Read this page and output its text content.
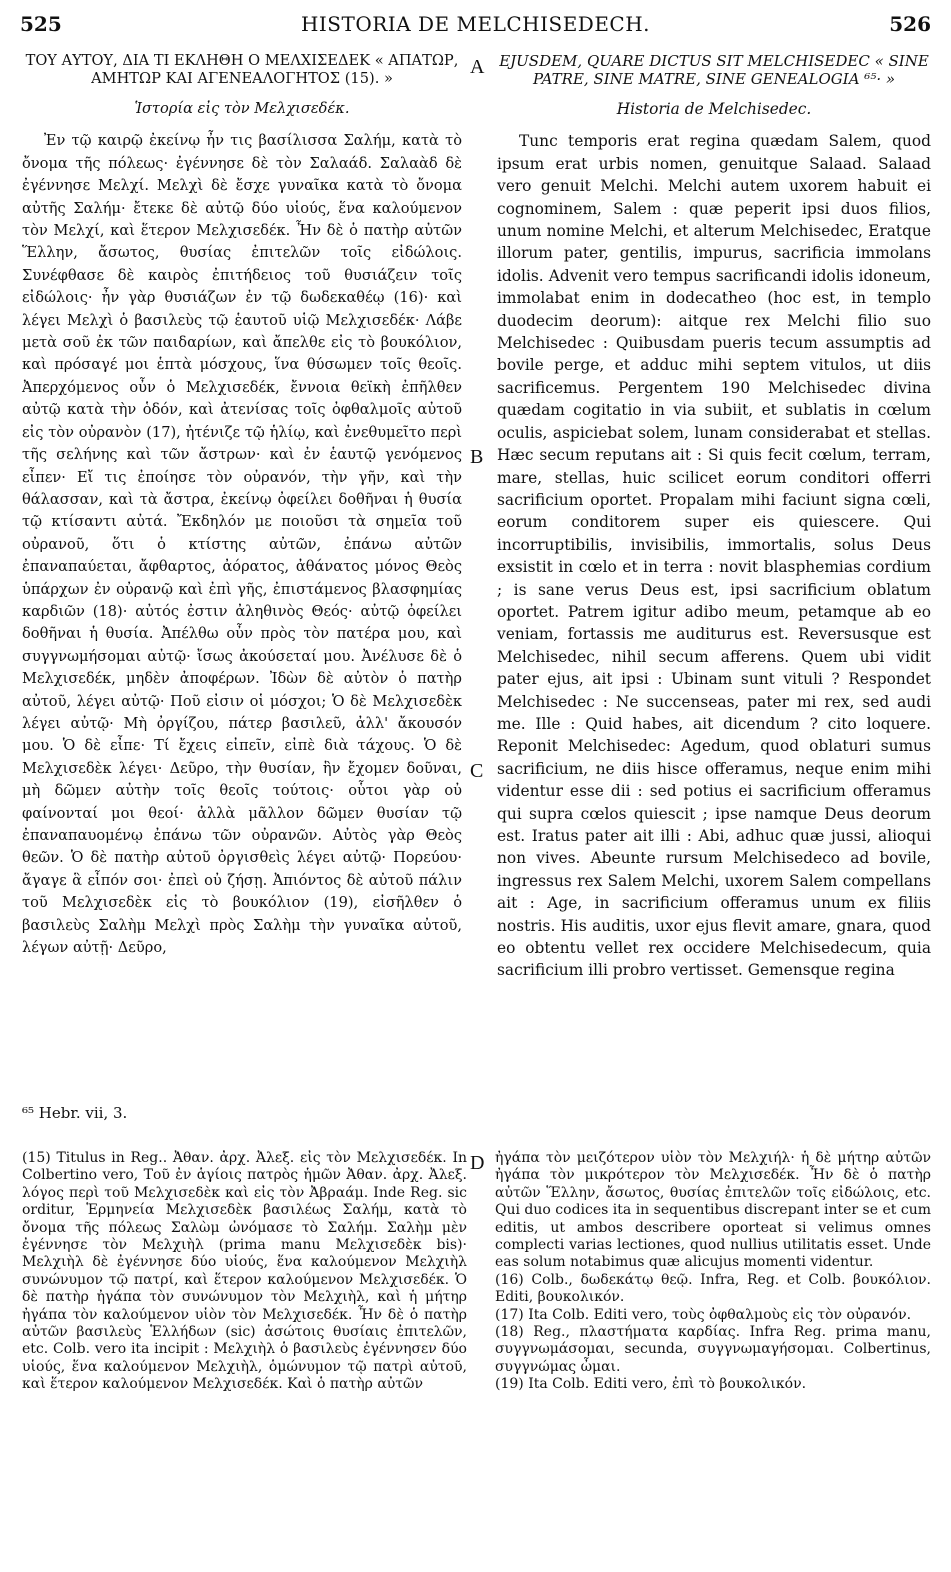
525	HISTORIA DE MELCHISEDECH.	526
ΤΟΥ ΑΥΤΟΥ, ΔΙΑ ΤΙ ΕΚΛΗΘΗ Ο ΜΕΛΧΙΣΕΔΕΚ « ΑΠΑΤΩΡ, ΑΜΗΤΩΡ ΚΑΙ ΑΓΕΝΕΑΛΟΓΗΤΟΣ (15). »
Ἱστορία εἰς τὸν Μελχισεδέκ.

Ἐν τῷ καιρῷ ἐκείνῳ ἦν τις βασίλισσα Σαλήμ, κατὰ τὸ ὄνομα τῆς πόλεως· ἐγέννησε δὲ τὸν Σαλαάδ. Σαλαὰδ δὲ ἐγέννησε Μελχί. Μελχὶ δὲ ἔσχε γυναῖκα κατὰ τὸ ὄνομα αὐτῆς Σαλήμ· ἔτεκε δὲ αὐτῷ δύο υἱούς, ἕνα καλούμενον τὸν Μελχί, καὶ ἕτερον Μελχισεδέκ. Ἦν δὲ ὁ πατὴρ αὐτῶν Ἕλλην, ἄσωτος, θυσίας ἐπιτελῶν τοῖς εἰδώλοις. Συνέφθασε δὲ καιρὸς ἐπιτήδειος τοῦ θυσιάζειν τοῖς εἰδώλοις· ἦν γὰρ θυσιάζων ἐν τῷ δωδεκαθέῳ (16)· καὶ λέγει Μελχὶ ὁ βασιλεὺς τῷ ἑαυτοῦ υἱῷ Μελχισεδέκ· Λάβε μετὰ σοῦ ἐκ τῶν παιδαρίων, καὶ ἄπελθε εἰς τὸ βουκόλιον, καὶ πρόσαγέ μοι ἑπτὰ μόσχους, ἵνα θύσωμεν τοῖς θεοῖς. Ἀπερχόμενος οὖν ὁ Μελχισεδέκ, ἔννοια θεϊκὴ ἐπῆλθεν αὐτῷ κατὰ τὴν ὁδόν, καὶ ἀτενίσας τοῖς ὀφθαλμοῖς αὐτοῦ εἰς τὸν οὐρανὸν (17), ἠτένιζε τῷ ἡλίῳ, καὶ ἐνεθυμεῖτο περὶ τῆς σελήνης καὶ τῶν ἄστρων· καὶ ἐν ἑαυτῷ γενόμενος εἶπεν· Εἴ τις ἐποίησε τὸν οὐρανόν, τὴν γῆν, καὶ τὴν θάλασσαν, καὶ τὰ ἄστρα, ἐκείνῳ ὀφείλει δοθῆναι ἡ θυσία τῷ κτίσαντι αὐτά. Ἔκδηλόν με ποιοῦσι τὰ σημεῖα τοῦ οὐρανοῦ, ὅτι ὁ κτίστης αὐτῶν, ἐπάνω αὐτῶν ἐπαναπαύεται, ἄφθαρτος, ἀόρατος, ἀθάνατος μόνος Θεὸς ὑπάρχων ἐν οὐρανῷ καὶ ἐπὶ γῆς, ἐπιστάμενος βλασφημίας καρδιῶν (18)· αὐτός ἐστιν ἀληθινὸς Θεός· αὐτῷ ὀφείλει δοθῆναι ἡ θυσία. Ἀπέλθω οὖν πρὸς τὸν πατέρα μου, καὶ συγγνωμήσομαι αὐτῷ· ἴσως ἀκούσεταί μου. Ἀνέλυσε δὲ ὁ Μελχισεδέκ, μηδὲν ἀποφέρων. Ἰδὼν δὲ αὐτὸν ὁ πατὴρ αὐτοῦ, λέγει αὐτῷ· Ποῦ εἰσιν οἱ μόσχοι; Ὁ δὲ Μελχισεδὲκ λέγει αὐτῷ· Μὴ ὀργίζου, πάτερ βασιλεῦ, ἀλλ' ἄκουσόν μου. Ὁ δὲ εἶπε· Τί ἔχεις εἰπεῖν, εἰπὲ διὰ τάχους. Ὁ δὲ Μελχισεδὲκ λέγει· Δεῦρο, τὴν θυσίαν, ἣν ἔχομεν δοῦναι, μὴ δῶμεν αὐτὴν τοῖς θεοῖς τούτοις· οὗτοι γὰρ οὐ φαίνονταί μοι θεοί· ἀλλὰ μᾶλλον δῶμεν θυσίαν τῷ ἐπαναπαυομένῳ ἐπάνω τῶν οὐρανῶν. Αὐτὸς γὰρ Θεὸς θεῶν. Ὁ δὲ πατὴρ αὐτοῦ ὀργισθεὶς λέγει αὐτῷ· Πορεύου· ἄγαγε ἃ εἶπόν σοι· ἐπεὶ οὐ ζήσῃ. Ἀπιόντος δὲ αὐτοῦ πάλιν τοῦ Μελχισεδὲκ εἰς τὸ βουκόλιον (19), εἰσῆλθεν ὁ βασιλεὺς Σαλὴμ Μελχὶ πρὸς Σαλὴμ τὴν γυναῖκα αὐτοῦ, λέγων αὐτῇ· Δεῦρο,

EJUSDEM, QUARE DICTUS SIT MELCHISEDEC « SINE PATRE, SINE MATRE, SINE GENEALOGIA ⁶⁵· »
Historia de Melchisedec.

Tunc temporis erat regina quædam Salem, quod ipsum erat urbis nomen, genuitque Salaad. Salaad vero genuit Melchi. Melchi autem uxorem habuit ei cognominem, Salem : quæ peperit ipsi duos filios, unum nomine Melchi, et alterum Melchisedec, Eratque illorum pater, gentilis, impurus, sacrificia immolans idolis. Advenit vero tempus sacrificandi idolis idoneum, immolabat enim in dodecatheo (hoc est, in templo duodecim deorum): aitque rex Melchi filio suo Melchisedec : Quibusdam pueris tecum assumptis ad bovile perge, et adduc mihi septem vitulos, ut diis sacrificemus. Pergentem 190 Melchisedec divina quædam cogitatio in via subiit, et sublatis in cœlum oculis, aspiciebat solem, lunam considerabat et stellas. Hæc secum reputans ait : Si quis fecit cœlum, terram, mare, stellas, huic scilicet eorum conditori offerri sacrificium oportet. Propalam mihi faciunt signa cœli, eorum conditorem super eis quiescere. Qui incorruptibilis, invisibilis, immortalis, solus Deus exsistit in cœlo et in terra : novit blasphemias cordium ; is sane verus Deus est, ipsi sacrificium oblatum oportet. Patrem igitur adibo meum, petamque ab eo veniam, fortassis me auditurus est. Reversusque est Melchisedec, nihil secum afferens. Quem ubi vidit pater ejus, ait ipsi : Ubinam sunt vituli ? Respondet Melchisedec : Ne succenseas, pater mi rex, sed audi me. Ille : Quid habes, ait dicendum ? cito loquere. Reponit Melchisedec: Agedum, quod oblaturi sumus sacrificium, ne diis hisce offeramus, neque enim mihi videntur esse dii : sed potius ei sacrificium offeramus qui supra cœlos quiescit ; ipse namque Deus deorum est. Iratus pater ait illi : Abi, adhuc quæ jussi, alioqui non vives. Abeunte rursum Melchisedeco ad bovile, ingressus rex Salem Melchi, uxorem Salem compellans ait : Age, in sacrificium offeramus unum ex filiis nostris. His auditis, uxor ejus flevit amare, gnara, quod eo obtentu vellet rex occidere Melchisedecum, quia sacrificium illi probro vertisset. Gemensque regina

A
B
C
D
⁶⁵ Hebr. vii, 3.

(15) Titulus in Reg.. Ἀθαν. ἀρχ. Ἀλεξ. εἰς τὸν Μελχισεδέκ. In Colbertino vero, Τοῦ ἐν ἁγίοις πατρὸς ἡμῶν Ἀθαν. ἀρχ. Ἀλεξ. λόγος περὶ τοῦ Μελχισεδὲκ καὶ εἰς τὸν Ἀβραάμ. Inde Reg. sic orditur, Ἑρμηνεία Μελχισεδὲκ βασιλέως Σαλήμ, κατὰ τὸ ὄνομα τῆς πόλεως Σαλὼμ ὠνόμασε τὸ Σαλήμ. Σαλὴμ μὲν ἐγέννησε τὸν Μελχιὴλ (prima manu Μελχισεδὲκ bis)· Μελχιὴλ δὲ ἐγέννησε δύο υἱούς, ἕνα καλούμενον Μελχιὴλ συνώνυμον τῷ πατρί, καὶ ἕτερον καλούμενον Μελχισεδέκ. Ὁ δὲ πατὴρ ἠγάπα τὸν συνώνυμον τὸν Μελχιὴλ, καὶ ἡ μήτηρ ἠγάπα τὸν καλούμενον υἱὸν τὸν Μελχισεδέκ. Ἦν δὲ ὁ πατὴρ αὐτῶν βασιλεὺς Ἑλλήδων (sic) ἀσώτοις θυσίαις ἐπιτελῶν, etc. Colb. vero ita incipit : Μελχιὴλ ὁ βασιλεὺς ἐγέννησεν δύο υἱούς, ἕνα καλούμενον Μελχιὴλ, ὁμώνυμον τῷ πατρὶ αὐτοῦ, καὶ ἕτερον καλούμενον Μελχισεδέκ. Καὶ ὁ πατὴρ αὐτῶν

ἠγάπα τὸν μειζότερον υἱὸν τὸν Μελχιήλ· ἡ δὲ μήτηρ αὐτῶν ἠγάπα τὸν μικρότερον τὸν Μελχισεδέκ. Ἦν δὲ ὁ πατὴρ αὐτῶν Ἕλλην, ἄσωτος, θυσίας ἐπιτελῶν τοῖς εἰδώλοις, etc. Qui duo codices ita in sequentibus discrepant inter se et cum editis, ut ambos describere oporteat si velimus omnes complecti varias lectiones, quod nullius utilitatis esset. Unde eas solum notabimus quæ alicujus momenti videntur.

(16) Colb., δωδεκάτῳ θεῷ. Infra, Reg. et Colb. βουκόλιον. Editi, βουκολικόν.

(17) Ita Colb. Editi vero, τοὺς ὀφθαλμοὺς εἰς τὸν οὐρανόν.

(18) Reg., πλαστήματα καρδίας. Infra Reg. prima manu, συγγνωμάσομαι, secunda, συγγνωμαγήσομαι. Colbertinus, συγγνώμας ὦμαι.

(19) Ita Colb. Editi vero, ἐπὶ τὸ βουκολικόν.
